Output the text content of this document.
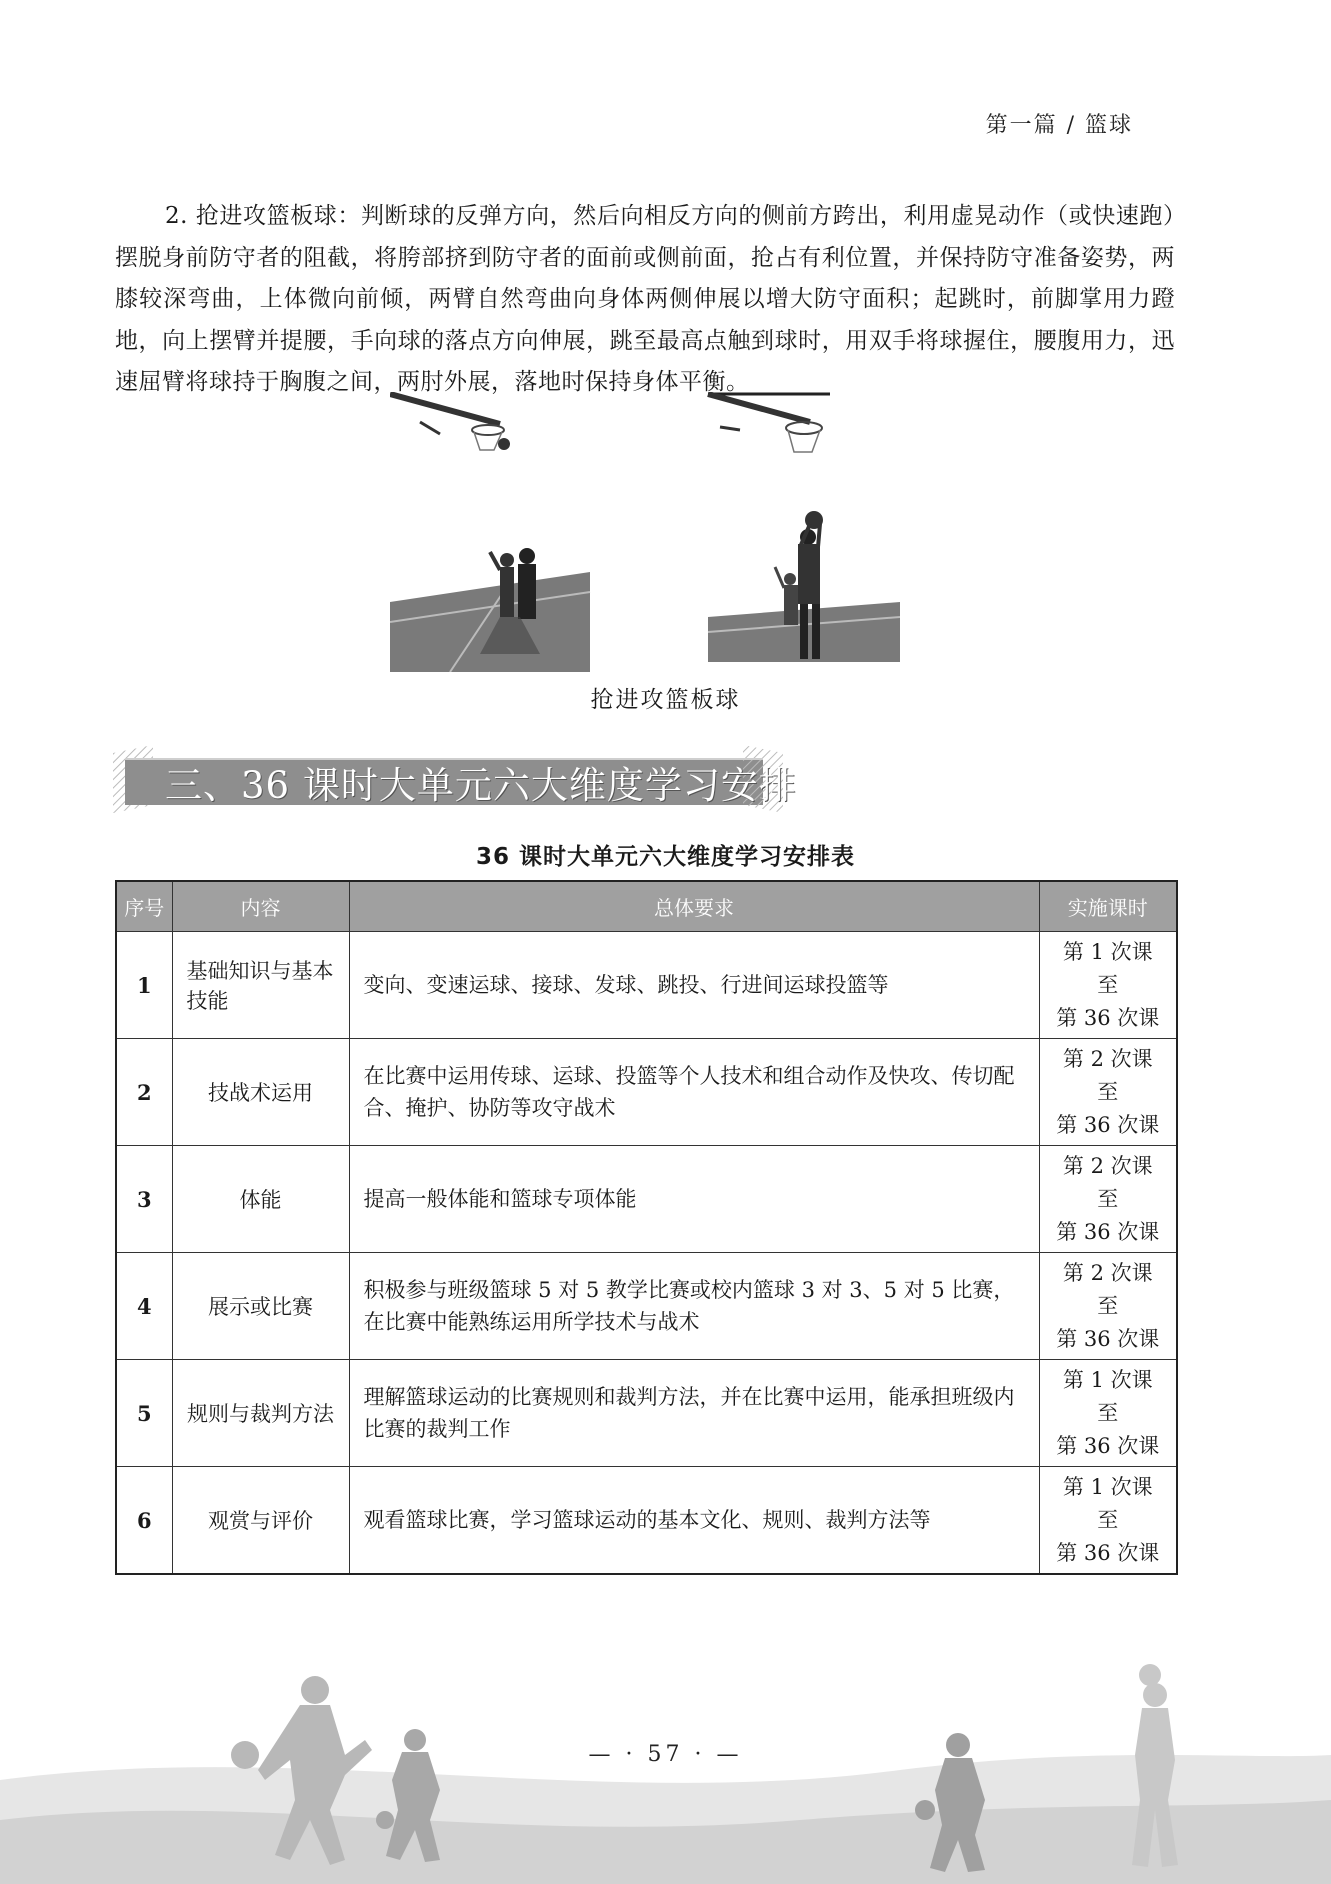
第一篇 / 篮球

2. 抢进攻篮板球：判断球的反弹方向，然后向相反方向的侧前方跨出，利用虚晃动作（或快速跑）摆脱身前防守者的阻截，将胯部挤到防守者的面前或侧前面，抢占有利位置，并保持防守准备姿势，两膝较深弯曲，上体微向前倾，两臂自然弯曲向身体两侧伸展以增大防守面积；起跳时，前脚掌用力蹬地，向上摆臂并提腰，手向球的落点方向伸展，跳至最高点触到球时，用双手将球握住，腰腹用力，迅速屈臂将球持于胸腹之间，两肘外展，落地时保持身体平衡。

抢进攻篮板球
三、36 课时大单元六大维度学习安排
36 课时大单元六大维度学习安排表
序号	内容	总体要求	实施课时
1	基础知识与基本技能	变向、变速运球、接球、发球、跳投、行进间运球投篮等	第 1 次课
至
第 36 次课

2	技战术运用	在比赛中运用传球、运球、投篮等个人技术和组合动作及快攻、传切配合、掩护、协防等攻守战术	第 2 次课
至
第 36 次课

3	体能	提高一般体能和篮球专项体能	第 2 次课
至
第 36 次课

4	展示或比赛	积极参与班级篮球 5 对 5 教学比赛或校内篮球 3 对 3、5 对 5 比赛，在比赛中能熟练运用所学技术与战术	第 2 次课
至
第 36 次课

5	规则与裁判方法	理解篮球运动的比赛规则和裁判方法，并在比赛中运用，能承担班级内比赛的裁判工作	第 1 次课
至
第 36 次课

6	观赏与评价	观看篮球比赛，学习篮球运动的基本文化、规则、裁判方法等	第 1 次课
至
第 36 次课
— · 57 · —
